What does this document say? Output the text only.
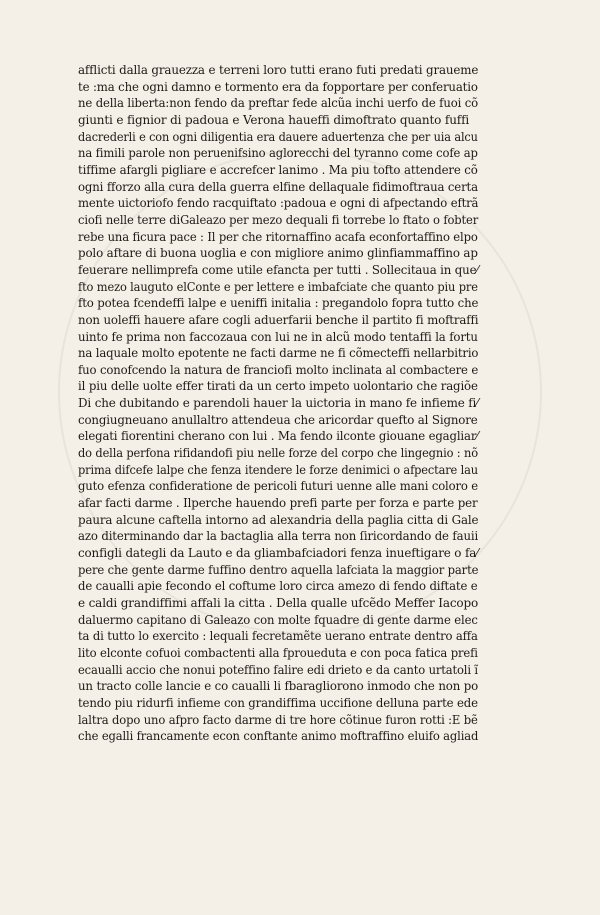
afflicti dalla grauezza e terreni loro tutti erano futi predati graueme
te :ma che ogni damno e tormento era da fopportare per conferuatio
ne della liberta:non fendo da preftar fede alcũa inchi uerfo de fuoi cõ
giunti e fignior di padoua e Verona haueffi dimoftrato quanto fuffi
dacrederli e con ogni diligentia era dauere aduertenza che per uia alcu
na fimili parole non peruenifsino aglorecchi del tyranno come cofe ap
tiffime afargli pigliare e accrefcer lanimo . Ma piu tofto attendere cõ
ogni fforzo alla cura della guerra elfine dellaquale fidimoftraua certa
mente uictoriofo fendo racquiftato :padoua e ogni di afpectando eftrã
ciofi nelle terre diGaleazo per mezo dequali fi torrebe lo ftato o fobter
rebe una ficura pace : Il per che ritornaffino acafa econfortaffino elpo
polo aftare di buona uoglia e con migliore animo glinfiammaffino ap
feuerare nellimprefa come utile efancta per tutti . Sollecitaua in que⁄
fto mezo lauguto elConte e per lettere e imbafciate che quanto piu pre
fto potea fcendeffi lalpe e ueniffi initalia : pregandolo fopra tutto che
non uoleffi hauere afare cogli aduerfarii benche il partito fi moftraffi
uinto fe prima non faccozaua con lui ne in alcũ modo tentaffi la fortu
na laquale molto epotente ne facti darme ne fi cõmecteffi nellarbitrio
fuo conofcendo la natura de franciofi molto inclinata al combactere e
il piu delle uolte effer tirati da un certo impeto uolontario che ragiõe
Di che dubitando e parendoli hauer la uictoria in mano fe infieme fi⁄
congiugneuano anullaltro attendeua che aricordar quefto al Signore
elegati fiorentini cherano con lui . Ma fendo ilconte giouane egagliar⁄
do della perfona rifidandofi piu nelle forze del corpo che lingegnio : nõ
prima difcefe lalpe che fenza itendere le forze denimici o afpectare lau
guto efenza confideratione de pericoli futuri uenne alle mani coloro e
afar facti darme . Ilperche hauendo prefi parte per forza e parte per
paura alcune caftella intorno ad alexandria della paglia citta di Gale
azo diterminando dar la bactaglia alla terra non ſiricordando de fauii
configli dategli da Lauto e da gliambafciadori fenza inueftigare o fa⁄
pere che gente darme fuffino dentro aquella lafciata la maggior parte
de caualli apie fecondo el coftume loro circa amezo di fendo diftate e
e caldi grandiffimi affali la citta . Della qualle ufcẽdo Meffer Iacopo
daluermo capitano di Galeazo con molte fquadre di gente darme elec
ta di tutto lo exercito : lequali fecretamẽte uerano entrate dentro affa
lito elconte cofuoi combactenti alla fproueduta e con poca fatica prefi
ecaualli accio che nonui poteffino falire edi drieto e da canto urtatoli ĩ
un tracto colle lancie e co caualli li fbaragliorono inmodo che non po
tendo piu ridurfi infieme con grandiffima uccifione delluna parte ede
laltra dopo uno afpro facto darme di tre hore cõtinue furon rotti :E bẽ
che egalli francamente econ conftante animo moftraffino eluifo agliad
